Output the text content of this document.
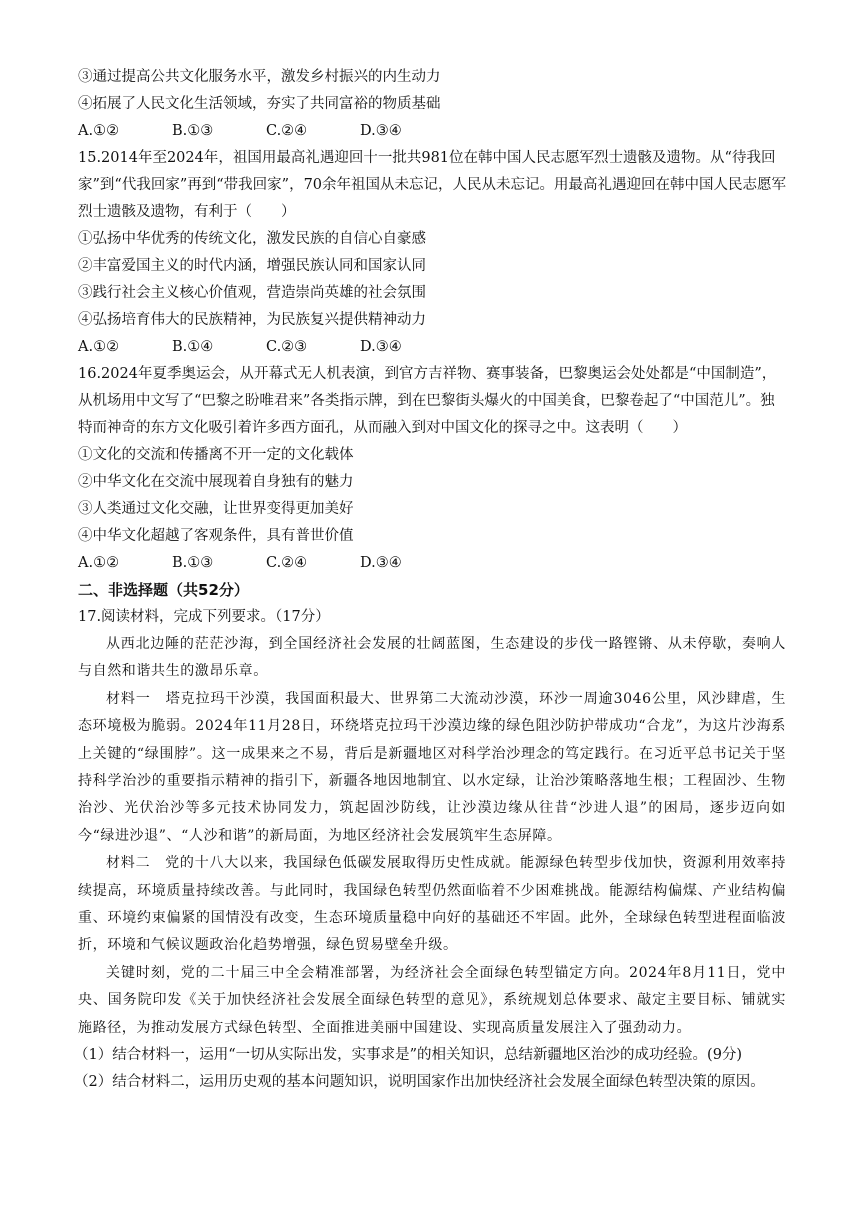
③通过提高公共文化服务水平，激发乡村振兴的内生动力
④拓展了人民文化生活领域，夯实了共同富裕的物质基础
A.①②	B.①③	C.②④	D.③④
15.2014年至2024年，祖国用最高礼遇迎回十一批共981位在韩中国人民志愿军烈士遗骸及遗物。从“待我回家”到“代我回家”再到“带我回家”，70余年祖国从未忘记，人民从未忘记。用最高礼遇迎回在韩中国人民志愿军烈士遗骸及遗物，有利于（　　）
①弘扬中华优秀的传统文化，激发民族的自信心自豪感
②丰富爱国主义的时代内涵，增强民族认同和国家认同
③践行社会主义核心价值观，营造崇尚英雄的社会氛围
④弘扬培育伟大的民族精神，为民族复兴提供精神动力
A.①②	B.①④	C.②③	D.③④
16.2024年夏季奥运会，从开幕式无人机表演，到官方吉祥物、赛事装备，巴黎奥运会处处都是“中国制造”，从机场用中文写了“巴黎之盼唯君来”各类指示牌，到在巴黎街头爆火的中国美食，巴黎卷起了“中国范儿”。独特而神奇的东方文化吸引着许多西方面孔，从而融入到对中国文化的探寻之中。这表明（　　）
①文化的交流和传播离不开一定的文化载体
②中华文化在交流中展现着自身独有的魅力
③人类通过文化交融，让世界变得更加美好
④中华文化超越了客观条件，具有普世价值
A.①②	B.①③	C.②④	D.③④
二、非选择题（共52分）
17.阅读材料，完成下列要求。（17分）
从西北边陲的茫茫沙海，到全国经济社会发展的壮阔蓝图，生态建设的步伐一路铿锵、从未停歇，奏响人与自然和谐共生的激昂乐章。
材料一　塔克拉玛干沙漠，我国面积最大、世界第二大流动沙漠，环沙一周逾3046公里，风沙肆虐，生态环境极为脆弱。2024年11月28日，环绕塔克拉玛干沙漠边缘的绿色阻沙防护带成功“合龙”，为这片沙海系上关键的“绿围脖”。这一成果来之不易，背后是新疆地区对科学治沙理念的笃定践行。在习近平总书记关于坚持科学治沙的重要指示精神的指引下，新疆各地因地制宜、以水定绿，让治沙策略落地生根；工程固沙、生物治沙、光伏治沙等多元技术协同发力，筑起固沙防线，让沙漠边缘从往昔“沙进人退”的困局，逐步迈向如今“绿进沙退”、“人沙和谐”的新局面，为地区经济社会发展筑牢生态屏障。
材料二　党的十八大以来，我国绿色低碳发展取得历史性成就。能源绿色转型步伐加快，资源利用效率持续提高，环境质量持续改善。与此同时，我国绿色转型仍然面临着不少困难挑战。能源结构偏煤、产业结构偏重、环境约束偏紧的国情没有改变，生态环境质量稳中向好的基础还不牢固。此外，全球绿色转型进程面临波折，环境和气候议题政治化趋势增强，绿色贸易壁垒升级。
关键时刻，党的二十届三中全会精准部署，为经济社会全面绿色转型锚定方向。2024年8月11日，党中央、国务院印发《关于加快经济社会发展全面绿色转型的意见》，系统规划总体要求、敲定主要目标、铺就实施路径，为推动发展方式绿色转型、全面推进美丽中国建设、实现高质量发展注入了强劲动力。
（1）结合材料一，运用“一切从实际出发，实事求是”的相关知识，总结新疆地区治沙的成功经验。(9分)
（2）结合材料二，运用历史观的基本问题知识，说明国家作出加快经济社会发展全面绿色转型决策的原因。
